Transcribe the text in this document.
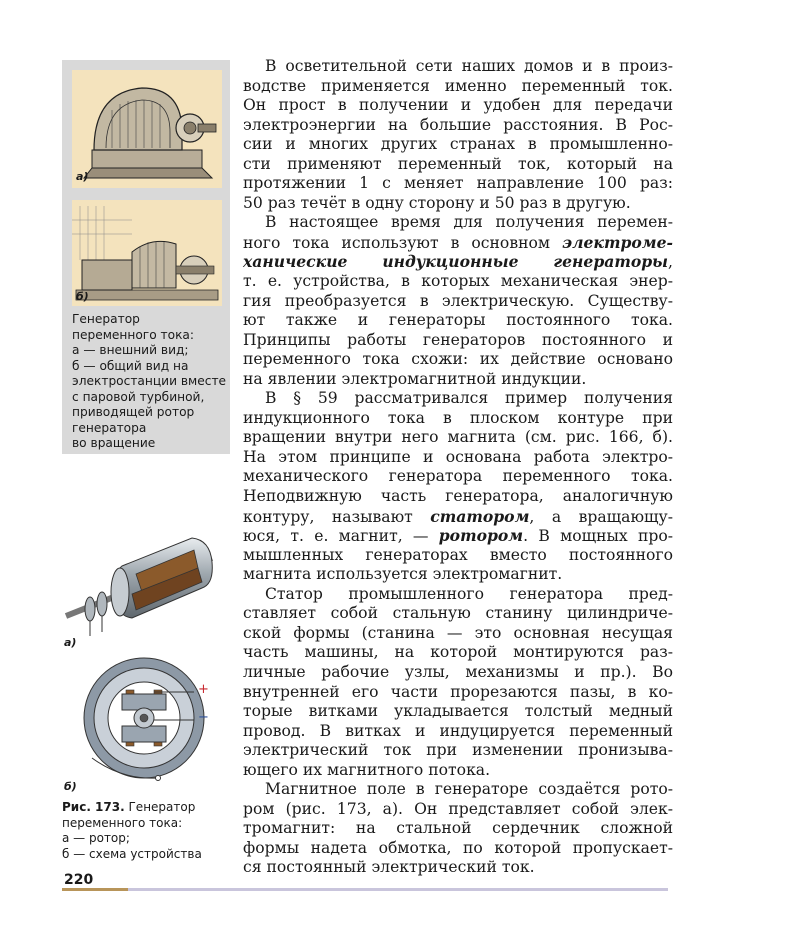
а)
б)
Генератор
переменного тока:
а — внешний вид;
б — общий вид на
электростанции вместе
с паровой турбиной,
приводящей ротор
генератора
во вращение
а)
+
−
б)
Рис. 173. Генератор
переменного тока:
а — ротор;
б — схема устройства
В осветительной сети наших домов и в произ-
водстве применяется именно переменный ток.
Он прост в получении и удобен для передачи
электроэнергии на большие расстояния. В Рос-
сии и многих других странах в промышленно-
сти применяют переменный ток, который на
протяжении 1 с меняет направление 100 раз:
50 раз течёт в одну сторону и 50 раз в другую.
В настоящее время для получения перемен-
ного тока используют в основном электроме-
ханические индукционные генераторы,
т. е. устройства, в которых механическая энер-
гия преобразуется в электрическую. Существу-
ют также и генераторы постоянного тока.
Принципы работы генераторов постоянного и
переменного тока схожи: их действие основано
на явлении электромагнитной индукции.
В § 59 рассматривался пример получения
индукционного тока в плоском контуре при
вращении внутри него магнита (см. рис. 166, б).
На этом принципе и основана работа электро-
механического генератора переменного тока.
Неподвижную часть генератора, аналогичную
контуру, называют статором, а вращающу-
юся, т. е. магнит, — ротором. В мощных про-
мышленных генераторах вместо постоянного
магнита используется электромагнит.
Статор промышленного генератора пред-
ставляет собой стальную станину цилиндриче-
ской формы (станина — это основная несущая
часть машины, на которой монтируются раз-
личные рабочие узлы, механизмы и пр.). Во
внутренней его части прорезаются пазы, в ко-
торые витками укладывается толстый медный
провод. В витках и индуцируется переменный
электрический ток при изменении пронизыва-
ющего их магнитного потока.
Магнитное поле в генераторе создаётся рото-
ром (рис. 173, а). Он представляет собой элек-
тромагнит: на стальной сердечник сложной
формы надета обмотка, по которой пропускает-
ся постоянный электрический ток.
220
